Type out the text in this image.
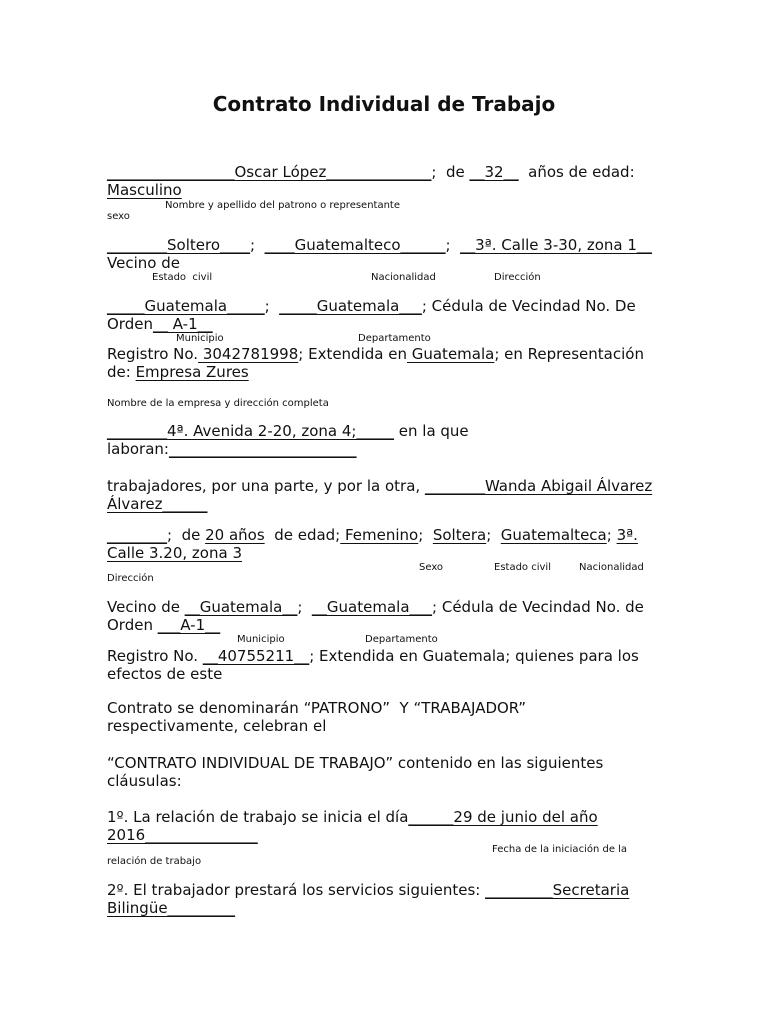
Contrato Individual de Trabajo
_________________Oscar López______________ ;  de __32__ años de edad:
Masculino
Nombre y apellido del patrono o representante
sexo
________Soltero____ ; ____Guatemalteco______ ; __3ª. Calle 3-30, zona 1__
Vecino de
Estado  civil	Nacionalidad	Dirección
_____Guatemala_____ ; _____Guatemala___ ; Cédula de Vecindad No. De
Orden __ A-1__
Municipio	Departamento
Registro No. 3042781998 ; Extendida en Guatemala ; en Representación
de: Empresa Zures
Nombre de la empresa y dirección completa
________4ª. Avenida 2-20, zona 4;_____ en la que
laboran: _________________________
trabajadores, por una parte, y por la otra, ________Wanda Abigail Álvarez
Álvarez______
________ ;  de 20 años de edad; Femenino ; Soltera ; Guatemalteca ; 3ª.
Calle 3.20, zona 3
Sexo	Estado civil	Nacionalidad
Dirección
Vecino de __Guatemala__ ; __Guatemala___ ; Cédula de Vecindad No. de
Orden ___A-1__
Municipio	Departamento
Registro No. __40755211__ ; Extendida en Guatemala; quienes para los
efectos de este
Contrato se denominarán “PATRONO”  Y “TRABAJADOR”
respectivamente, celebran el
“CONTRATO INDIVIDUAL DE TRABAJO” contenido en las siguientes
cláusulas:
1º. La relación de trabajo se inicia el día ______29 de junio del año
2016_______________
Fecha de la iniciación de la
relación de trabajo
2º. El trabajador prestará los servicios siguientes: _________Secretaria
Bilingüe_________
